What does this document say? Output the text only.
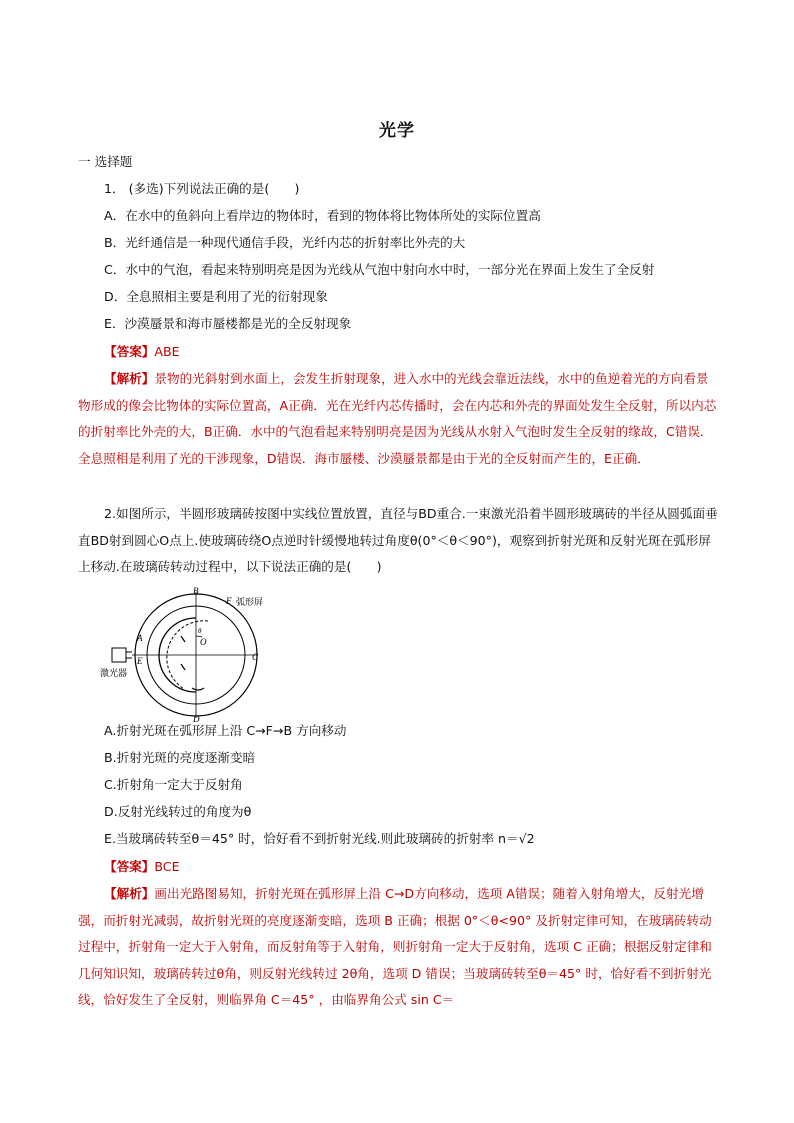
光学
一 选择题
1． (多选)下列说法正确的是(　　)
A．在水中的鱼斜向上看岸边的物体时，看到的物体将比物体所处的实际位置高
B．光纤通信是一种现代通信手段，光纤内芯的折射率比外壳的大
C．水中的气泡，看起来特别明亮是因为光线从气泡中射向水中时，一部分光在界面上发生了全反射
D．全息照相主要是利用了光的衍射现象
E．沙漠蜃景和海市蜃楼都是光的全反射现象
【答案】ABE
【解析】景物的光斜射到水面上，会发生折射现象，进入水中的光线会靠近法线，水中的鱼逆着光的方向看景物形成的像会比物体的实际位置高，A正确．光在光纤内芯传播时，会在内芯和外壳的界面处发生全反射，所以内芯的折射率比外壳的大，B正确．水中的气泡看起来特别明亮是因为光线从水射入气泡时发生全反射的缘故，C错误．全息照相是利用了光的干涉现象，D错误．海市蜃楼、沙漠蜃景都是由于光的全反射而产生的，E正确．
2.如图所示，半圆形玻璃砖按图中实线位置放置，直径与BD重合.一束激光沿着半圆形玻璃砖的半径从圆弧面垂直BD射到圆心O点上.使玻璃砖绕O点逆时针缓慢地转过角度θ(0°＜θ＜90°)，观察到折射光斑和反射光斑在弧形屏上移动.在玻璃砖转动过程中，以下说法正确的是(　　)
B
F 弧形屏
A	O
θ
E	C
D
激光器
A.折射光斑在弧形屏上沿 C→F→B 方向移动
B.折射光斑的亮度逐渐变暗
C.折射角一定大于反射角
D.反射光线转过的角度为θ
E.当玻璃砖转至θ＝45° 时，恰好看不到折射光线.则此玻璃砖的折射率 n＝√2
【答案】BCE
【解析】画出光路图易知，折射光斑在弧形屏上沿 C→D方向移动，选项 A错误；随着入射角增大，反射光增强，而折射光减弱，故折射光斑的亮度逐渐变暗，选项 B 正确；根据 0°＜θ<90° 及折射定律可知，在玻璃砖转动过程中，折射角一定大于入射角，而反射角等于入射角，则折射角一定大于反射角，选项 C 正确；根据反射定律和几何知识知，玻璃砖转过θ角，则反射光线转过 2θ角，选项 D 错误；当玻璃砖转至θ＝45° 时，恰好看不到折射光线，恰好发生了全反射，则临界角 C＝45° ，由临界角公式 sin C＝
